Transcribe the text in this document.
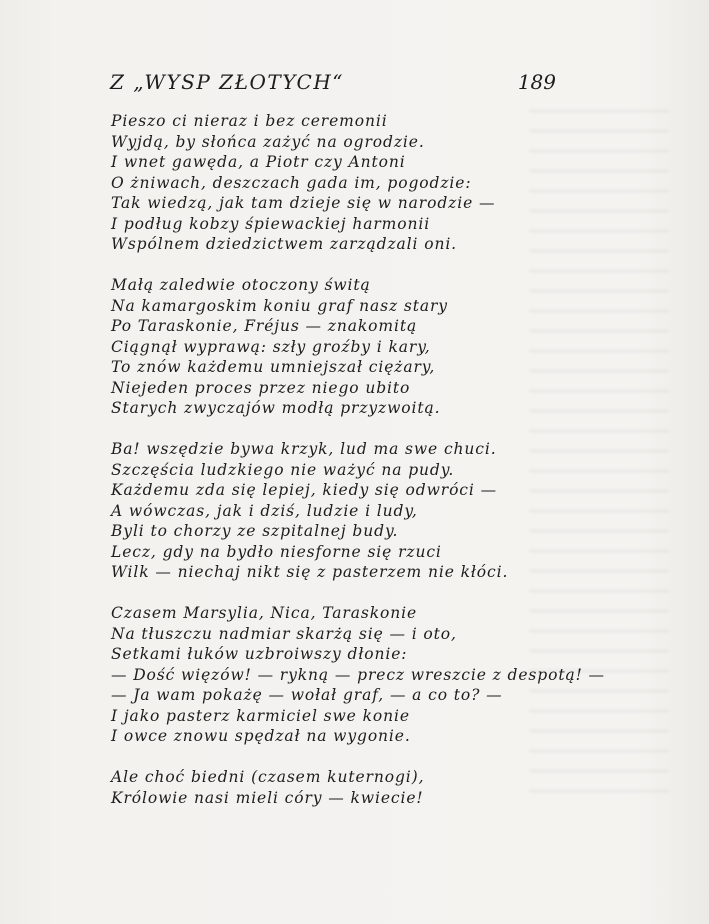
Z „WYSP ZŁOTYCH“	189
Pieszo ci nieraz i bez ceremonii
Wyjdą, by słońca zażyć na ogrodzie.
I wnet gawęda, a Piotr czy Antoni
O żniwach, deszczach gada im, pogodzie:
Tak wiedzą, jak tam dzieje się w narodzie —
I podług kobzy śpiewackiej harmonii
Wspólnem dziedzictwem zarządzali oni.
Małą zaledwie otoczony świtą
Na kamargoskim koniu graf nasz stary
Po Taraskonie, Fréjus — znakomitą
Ciągnął wyprawą: szły groźby i kary,
To znów każdemu umniejszał ciężary,
Niejeden proces przez niego ubito
Starych zwyczajów modłą przyzwoitą.
Ba! wszędzie bywa krzyk, lud ma swe chuci.
Szczęścia ludzkiego nie ważyć na pudy.
Każdemu zda się lepiej, kiedy się odwróci —
A wówczas, jak i dziś, ludzie i ludy,
Byli to chorzy ze szpitalnej budy.
Lecz, gdy na bydło niesforne się rzuci
Wilk — niechaj nikt się z pasterzem nie kłóci.
Czasem Marsylia, Nica, Taraskonie
Na tłuszczu nadmiar skarżą się — i oto,
Setkami łuków uzbroiwszy dłonie:
— Dość więzów! — rykną — precz wreszcie z despotą! —
— Ja wam pokażę — wołał graf, — a co to? —
I jako pasterz karmiciel swe konie
I owce znowu spędzał na wygonie.
Ale choć biedni (czasem kuternogi),
Królowie nasi mieli córy — kwiecie!
